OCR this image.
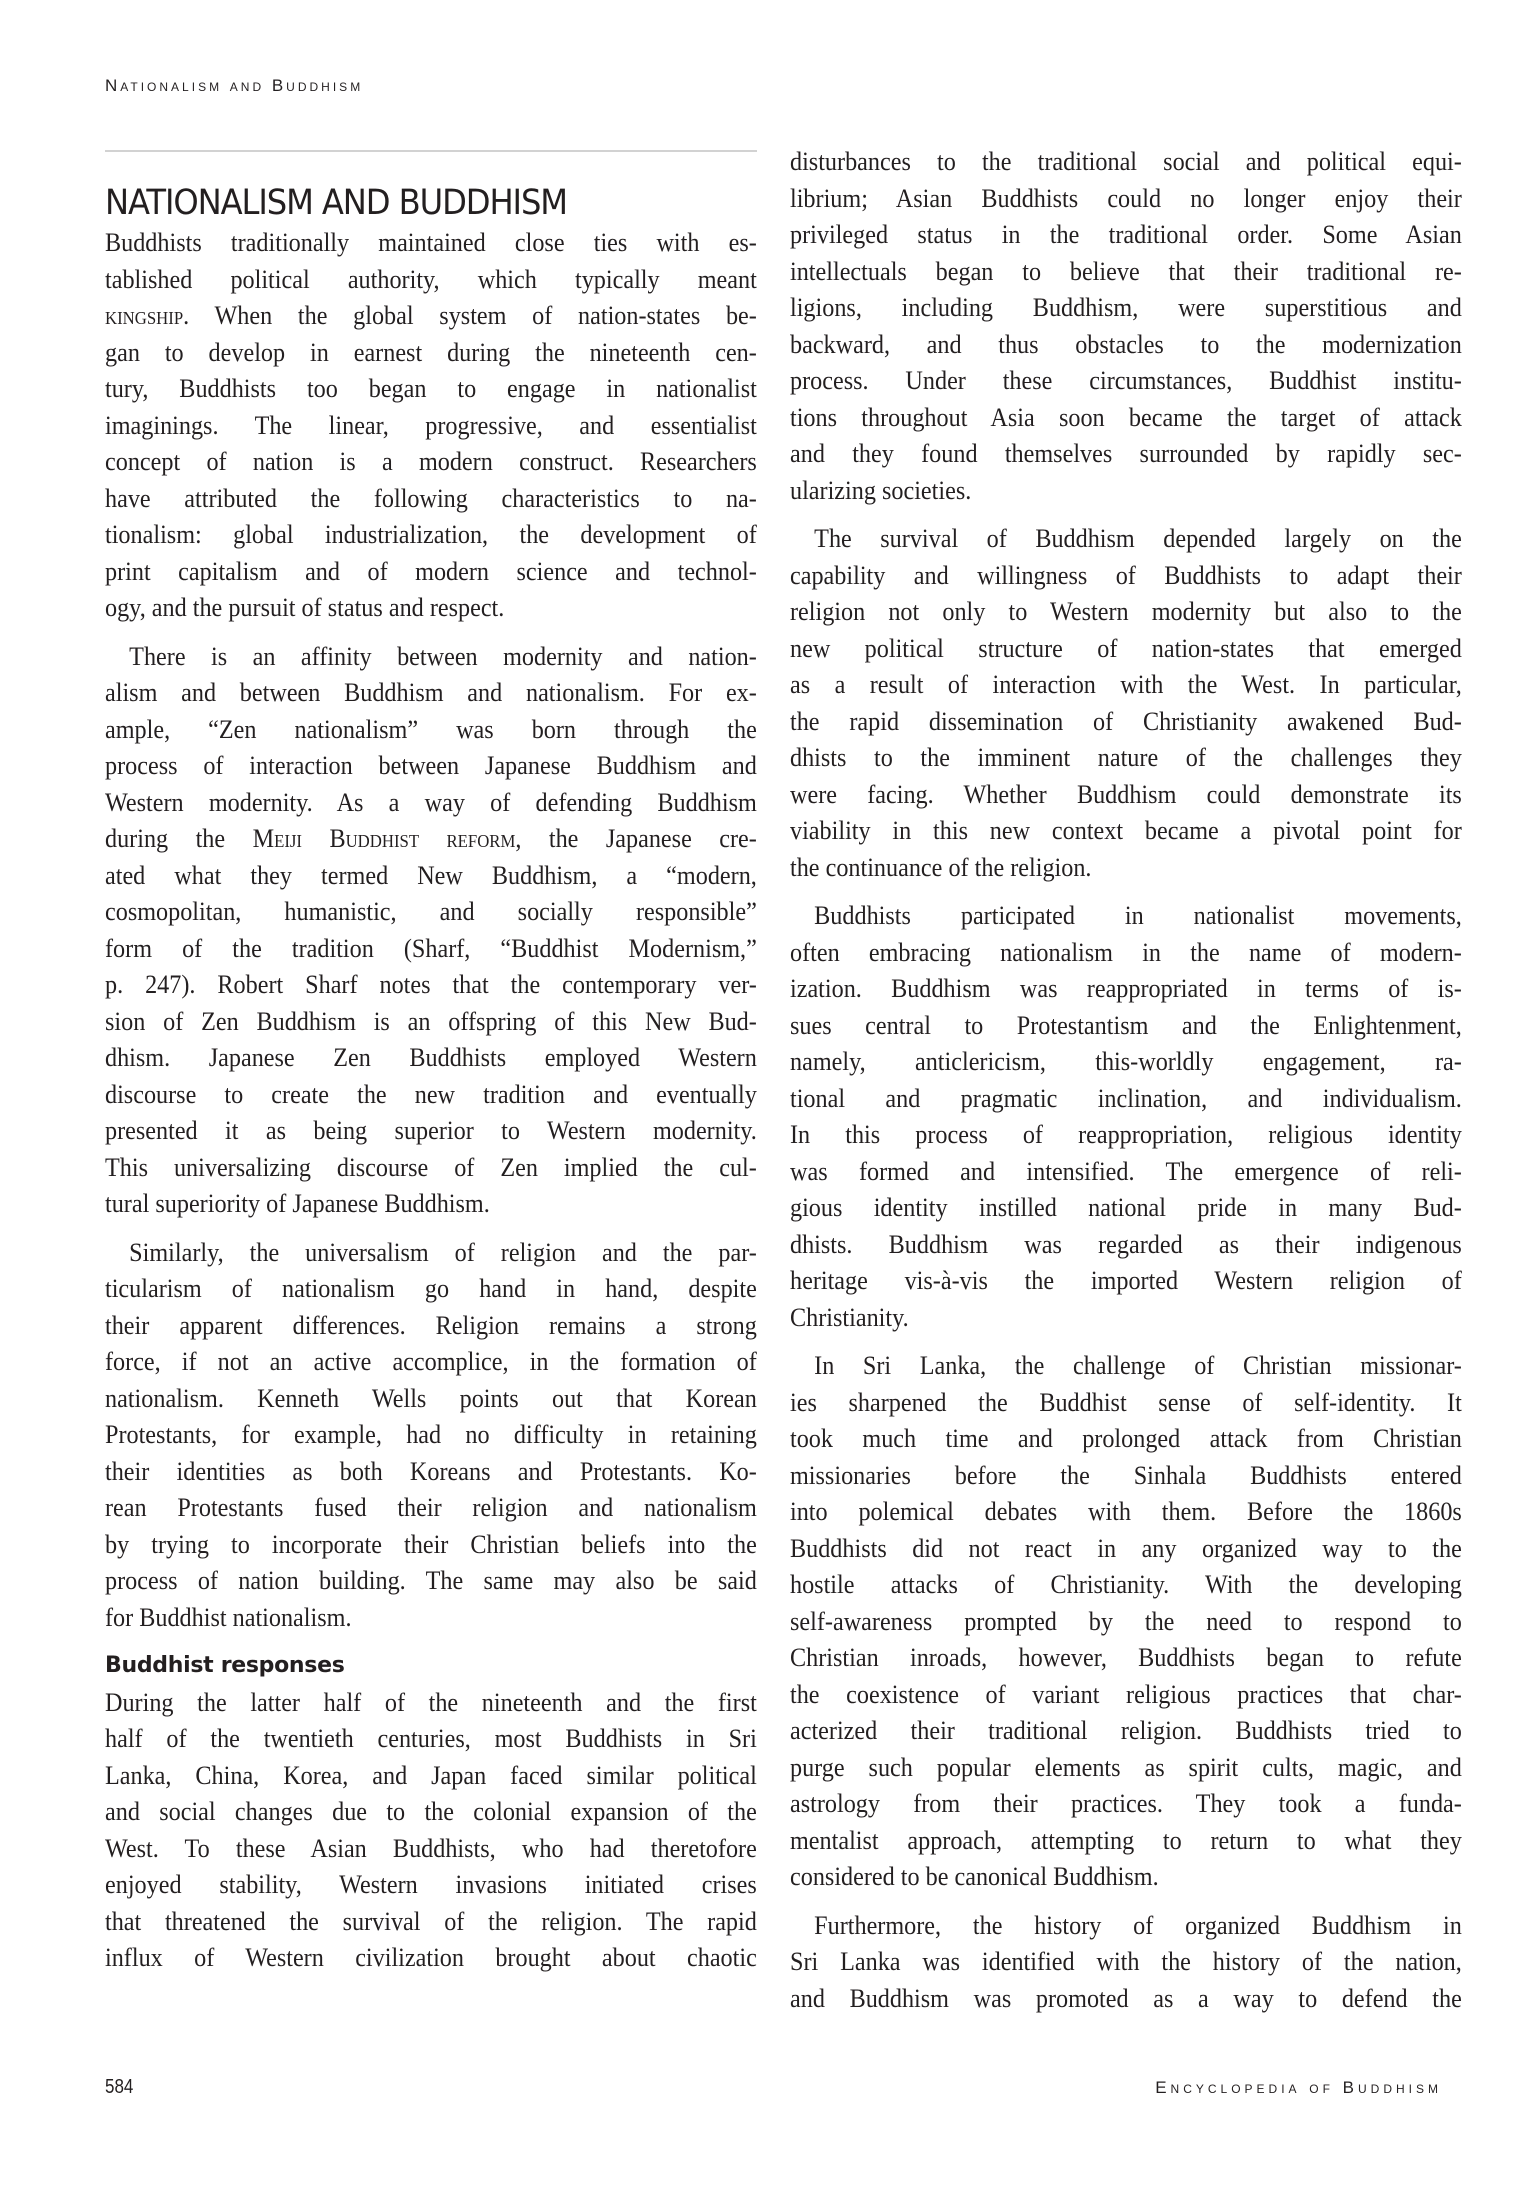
Nationalism and Buddhism
NATIONALISM AND BUDDHISM
Buddhists traditionally maintained close ties with es-
tablished political authority, which typically meant
kingship. When the global system of nation-states be-
gan to develop in earnest during the nineteenth cen-
tury, Buddhists too began to engage in nationalist
imaginings. The linear, progressive, and essentialist
concept of nation is a modern construct. Researchers
have attributed the following characteristics to na-
tionalism: global industrialization, the development of
print capitalism and of modern science and technol-
ogy, and the pursuit of status and respect.
There is an affinity between modernity and nation-
alism and between Buddhism and nationalism. For ex-
ample, “Zen nationalism” was born through the
process of interaction between Japanese Buddhism and
Western modernity. As a way of defending Buddhism
during the Meiji Buddhist reform, the Japanese cre-
ated what they termed New Buddhism, a “modern,
cosmopolitan, humanistic, and socially responsible”
form of the tradition (Sharf, “Buddhist Modernism,”
p. 247). Robert Sharf notes that the contemporary ver-
sion of Zen Buddhism is an offspring of this New Bud-
dhism. Japanese Zen Buddhists employed Western
discourse to create the new tradition and eventually
presented it as being superior to Western modernity.
This universalizing discourse of Zen implied the cul-
tural superiority of Japanese Buddhism.
Similarly, the universalism of religion and the par-
ticularism of nationalism go hand in hand, despite
their apparent differences. Religion remains a strong
force, if not an active accomplice, in the formation of
nationalism. Kenneth Wells points out that Korean
Protestants, for example, had no difficulty in retaining
their identities as both Koreans and Protestants. Ko-
rean Protestants fused their religion and nationalism
by trying to incorporate their Christian beliefs into the
process of nation building. The same may also be said
for Buddhist nationalism.
Buddhist responses
During the latter half of the nineteenth and the first
half of the twentieth centuries, most Buddhists in Sri
Lanka, China, Korea, and Japan faced similar political
and social changes due to the colonial expansion of the
West. To these Asian Buddhists, who had theretofore
enjoyed stability, Western invasions initiated crises
that threatened the survival of the religion. The rapid
influx of Western civilization brought about chaotic
disturbances to the traditional social and political equi-
librium; Asian Buddhists could no longer enjoy their
privileged status in the traditional order. Some Asian
intellectuals began to believe that their traditional re-
ligions, including Buddhism, were superstitious and
backward, and thus obstacles to the modernization
process. Under these circumstances, Buddhist institu-
tions throughout Asia soon became the target of attack
and they found themselves surrounded by rapidly sec-
ularizing societies.
The survival of Buddhism depended largely on the
capability and willingness of Buddhists to adapt their
religion not only to Western modernity but also to the
new political structure of nation-states that emerged
as a result of interaction with the West. In particular,
the rapid dissemination of Christianity awakened Bud-
dhists to the imminent nature of the challenges they
were facing. Whether Buddhism could demonstrate its
viability in this new context became a pivotal point for
the continuance of the religion.
Buddhists participated in nationalist movements,
often embracing nationalism in the name of modern-
ization. Buddhism was reappropriated in terms of is-
sues central to Protestantism and the Enlightenment,
namely, anticlericism, this-worldly engagement, ra-
tional and pragmatic inclination, and individualism.
In this process of reappropriation, religious identity
was formed and intensified. The emergence of reli-
gious identity instilled national pride in many Bud-
dhists. Buddhism was regarded as their indigenous
heritage vis-à-vis the imported Western religion of
Christianity.
In Sri Lanka, the challenge of Christian missionar-
ies sharpened the Buddhist sense of self-identity. It
took much time and prolonged attack from Christian
missionaries before the Sinhala Buddhists entered
into polemical debates with them. Before the 1860s
Buddhists did not react in any organized way to the
hostile attacks of Christianity. With the developing
self-awareness prompted by the need to respond to
Christian inroads, however, Buddhists began to refute
the coexistence of variant religious practices that char-
acterized their traditional religion. Buddhists tried to
purge such popular elements as spirit cults, magic, and
astrology from their practices. They took a funda-
mentalist approach, attempting to return to what they
considered to be canonical Buddhism.
Furthermore, the history of organized Buddhism in
Sri Lanka was identified with the history of the nation,
and Buddhism was promoted as a way to defend the
584	Encyclopedia of Buddhism
